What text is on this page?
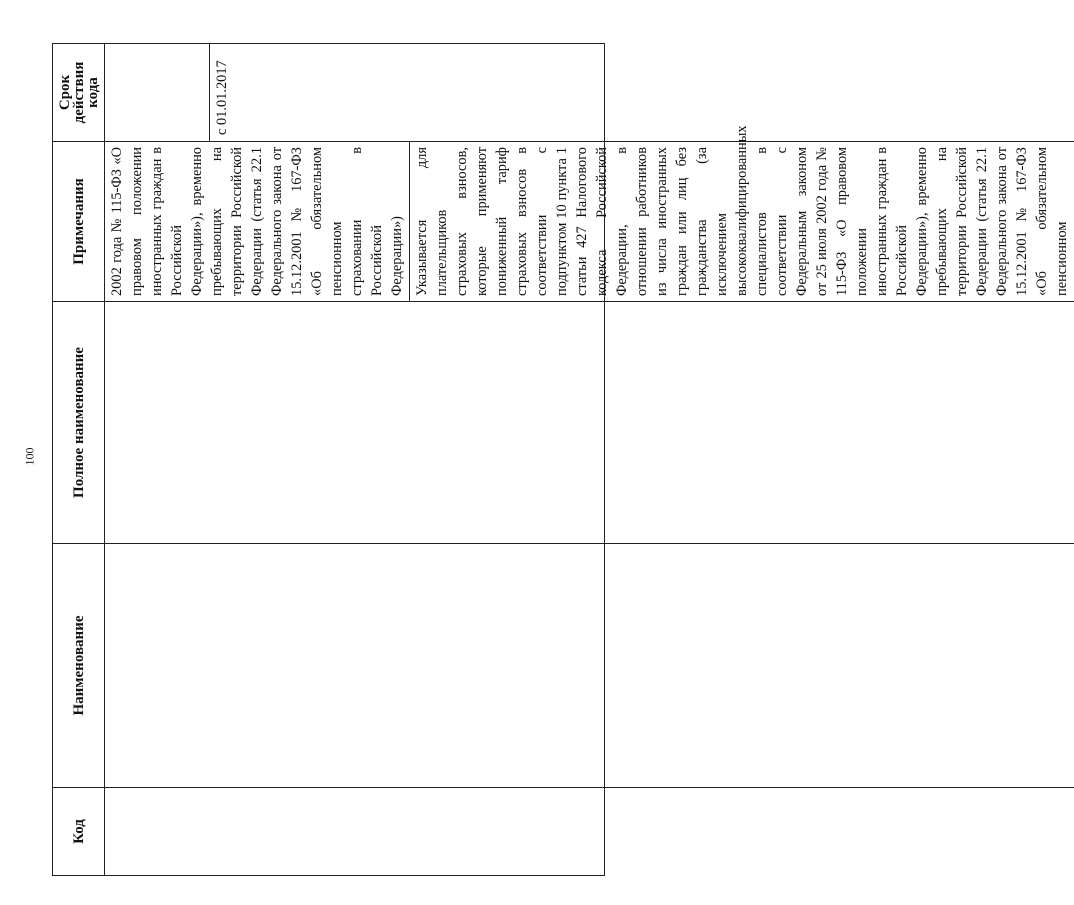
100
Код
Наименование
Полное наименование
Примечания
Срок действия кода

2002 года № 115-ФЗ «О правовом положении иностранных граждан в Российской Федерации»), временно пребывающих на территории Российской Федерации (статья 22.1 Федерального закона от 15.12.2001 № 167-ФЗ «Об обязательном пенсионном страховании в Российской Федерации») Указывается для плательщиков страховых взносов, которые применяют пониженный тариф страховых взносов в соответствии с подпунктом 10 пункта 1 статьи 427 Налогового кодекса Российской Федерации, в отношении работников из числа иностранных граждан или лиц без гражданства (за исключением высококвалифицированных специалистов в соответствии с Федеральным законом от 25 июля 2002 года № 115-ФЗ «О правовом положении иностранных граждан в Российской Федерации»), временно пребывающих на территории Российской Федерации (статья 22.1 Федерального закона от 15.12.2001 № 167-ФЗ «Об обязательном пенсионном

с 01.01.2017
